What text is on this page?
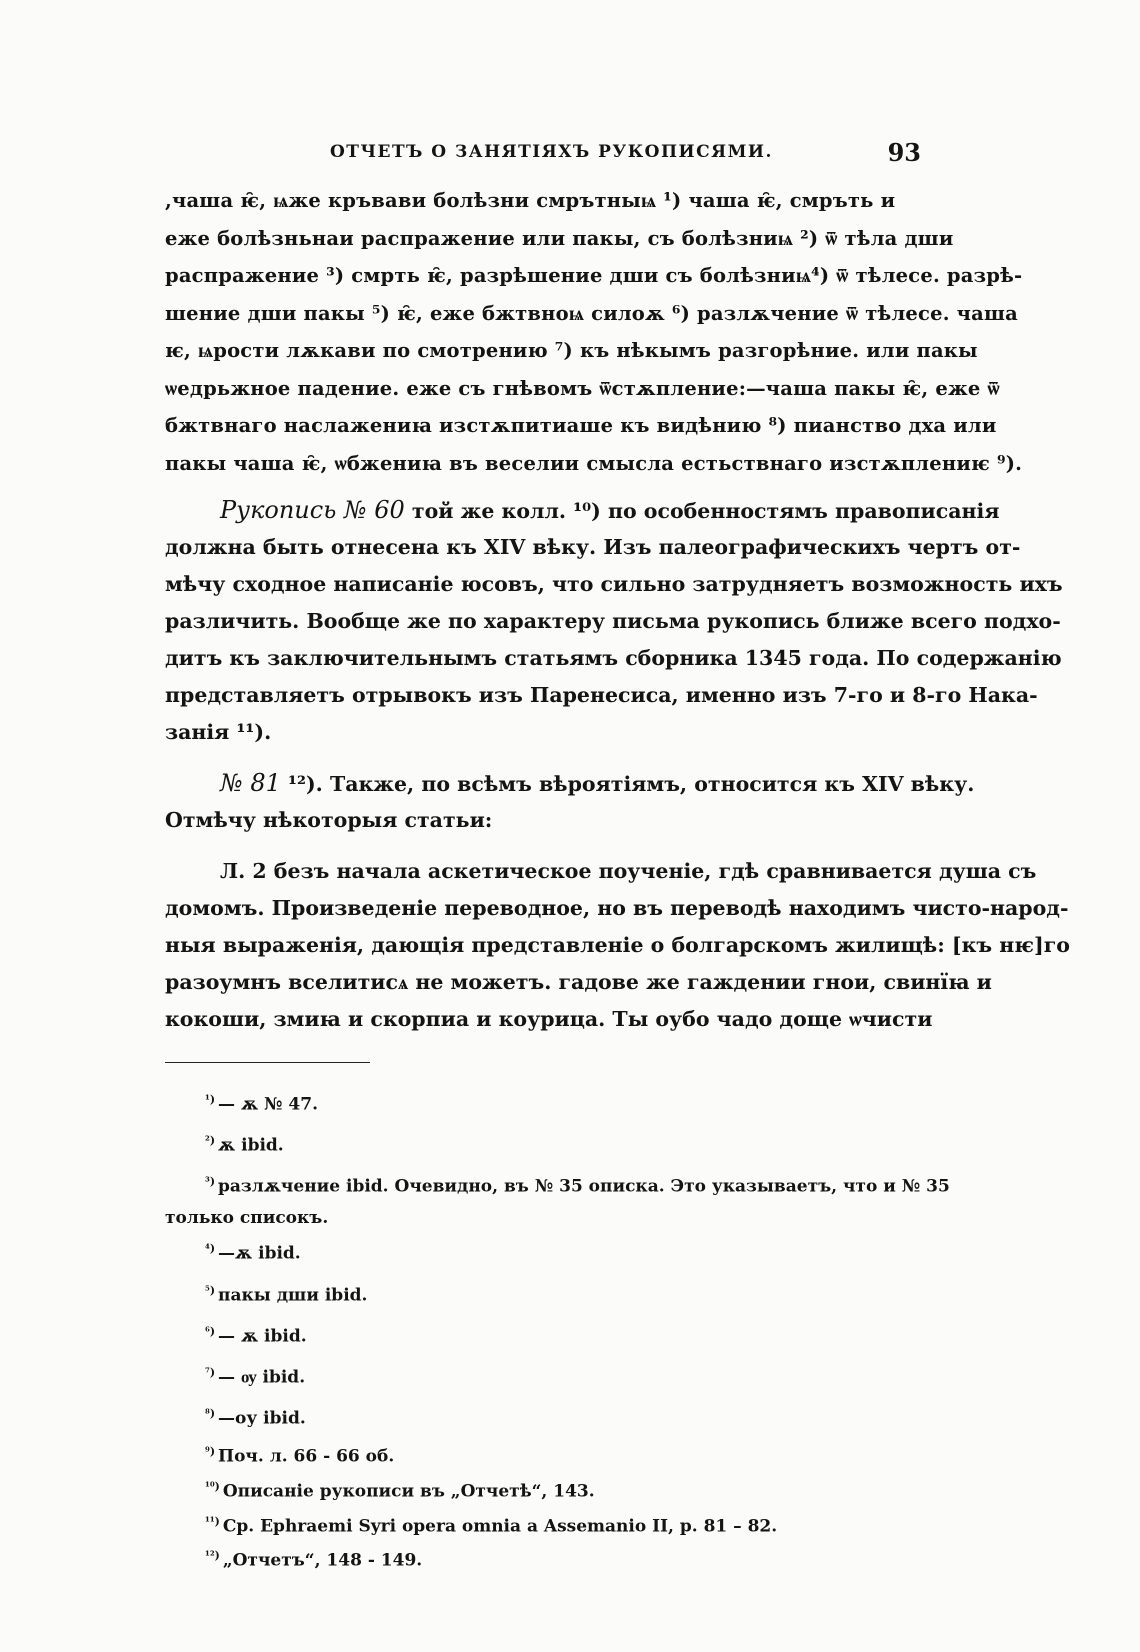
ОТЧЕТЪ О ЗАНЯТІЯХЪ РУКОПИСЯМИ.	93
,чаша ѥ̑, ѩже кръвави болѣзни смрътныѩ ¹) чаша ѥ̑, смръть и
еже болѣзньнаи распражение или пакы, съ болѣзниѩ ²) ѿ тѣла дши
распражение ³) смрть ѥ̑, разрѣшение дши съ болѣзниѩ⁴) ѿ тѣлесе. разрѣ-
шение дши пакы ⁵) ѥ̑, еже бжтвноѩ силоѫ ⁶) разлѫчение ѿ тѣлесе. чаша
ѥ, ѩрости лѫкави по смотрению ⁷) къ нѣкымъ разгорѣние. или пакы
ѡедрьжное падение. еже съ гнѣвомъ ѿстѫпление:—чаша пакы ѥ̑, еже ѿ
бжтвнаго наслажениꙗ изстѫпитиаше къ видѣнию ⁸) пианство дха или
пакы чаша ѥ̑, ѡбжениꙗ въ веселии смысла естьствнаго изстѫплениѥ ⁹).
Рукопись № 60 той же колл. ¹⁰) по особенностямъ правописанія
должна быть отнесена къ XIV вѣку. Изъ палеографическихъ чертъ от-
мѣчу сходное написаніе юсовъ, что сильно затрудняетъ возможность ихъ
различить. Вообще же по характеру письма рукопись ближе всего подхо-
дитъ къ заключительнымъ статьямъ сборника 1345 года. По содержанію
представляетъ отрывокъ изъ Паренесиса, именно изъ 7-го и 8-го Нака-
занія ¹¹).
№ 81 ¹²). Также, по всѣмъ вѣроятіямъ, относится къ XIV вѣку.
Отмѣчу нѣкоторыя статьи:
Л. 2 безъ начала аскетическое поученіе, гдѣ сравнивается душа съ
домомъ. Произведеніе переводное, но въ переводѣ находимъ чисто-народ-
ныя выраженія, дающія представленіе о болгарскомъ жилищѣ: [къ нѥ]го
разоумнъ вселитисѧ не можетъ. гадове же гаждении гнои, свинїꙗ и
кокоши, змиꙗ и скорпиа и коурица. Ты оубо чадо доще ѡчисти
$^{^1)}$ — ѫ № 47.
$^{^2)}$ ѫ ibid.
$^{^3)}$ разлѫчение ibid. Очевидно, въ № 35 описка. Это указываетъ, что и № 35
только списокъ.
$^{^4)}$ —ѫ ibid.
$^{^5)}$ пакы дши ibid.
$^{^6)}$ — ѫ ibid.
$^{^7)}$ — ѹ ibid.
$^{^8)}$ —оу ibid.
$^{^9)}$ Поч. л. 66 - 66 об.
$^{^{10})}$ Описаніе рукописи въ „Отчетѣ“, 143.
$^{^{11})}$ Ср. Ephraemi Syri opera omnia a Assemanio II, p. 81 – 82.
$^{^{12})}$ „Отчетъ“, 148 - 149.
